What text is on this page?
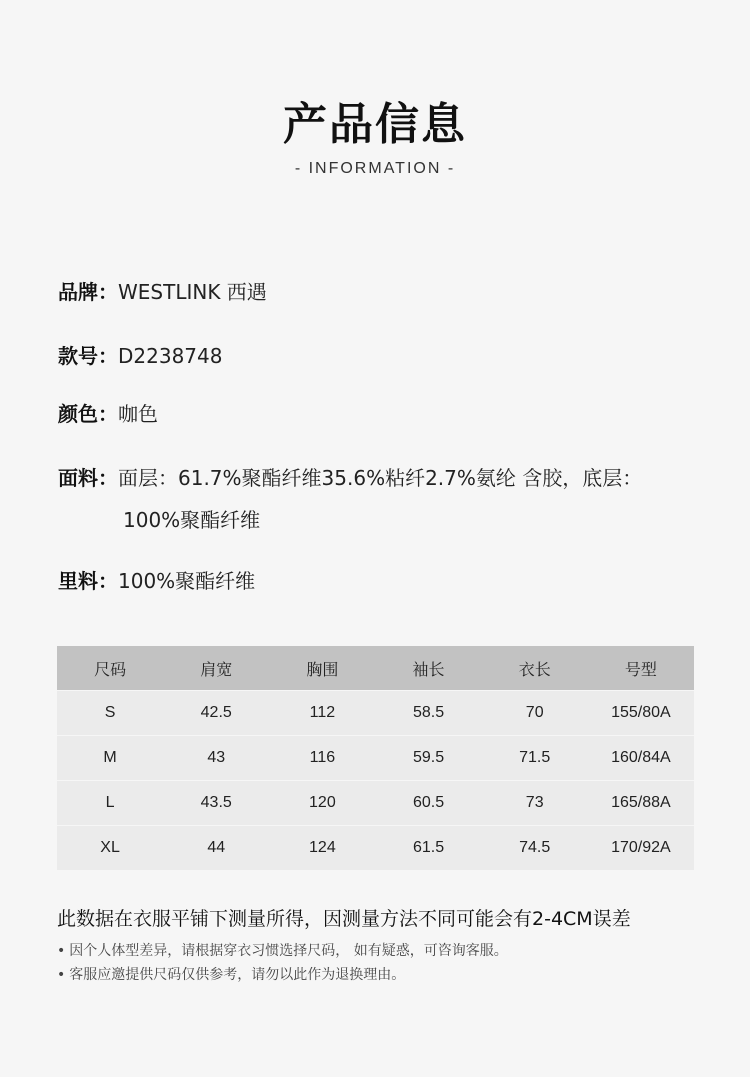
产品信息
- INFORMATION -
品牌： WESTLINK 西遇
款号： D2238748
颜色： 咖色
面料： 面层：61.7%聚酯纤维35.6%粘纤2.7%氨纶 含胶，底层：
100%聚酯纤维
里料： 100%聚酯纤维
尺码	肩宽	胸围	袖长	衣长	号型
S	42.5	112	58.5	70	155/80A
M	43	116	59.5	71.5	160/84A
L	43.5	120	60.5	73	165/88A
XL	44	124	61.5	74.5	170/92A
此数据在衣服平铺下测量所得，因测量方法不同可能会有2-4CM误差
• 因个人体型差异，请根据穿衣习惯选择尺码， 如有疑惑，可咨询客服。
• 客服应邀提供尺码仅供参考，请勿以此作为退换理由。
